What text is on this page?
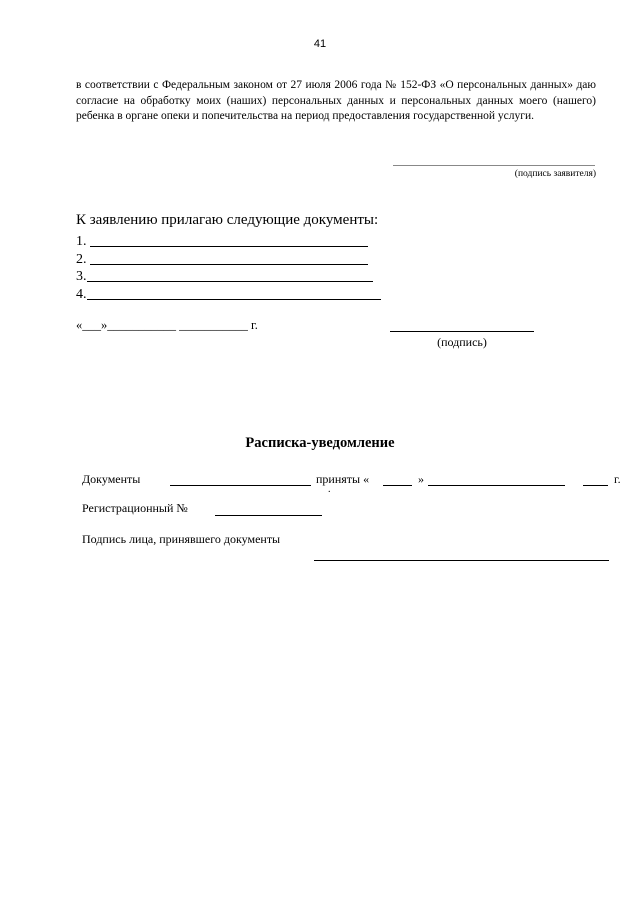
41
в соответствии с Федеральным законом от 27 июля 2006 года № 152-ФЗ «О персональных данных» даю согласие на обработку моих (наших) персональных данных и персональных данных моего (нашего) ребенка в органе опеки и попечительства на период предоставления государственной услуги.
(подпись заявителя)
К заявлению прилагаю следующие документы:
1.
2.
3.
4.
«___»___________ ___________ г.
(подпись)
Расписка-уведомление
Документы	приняты «	»	г.
.
Регистрационный №
Подпись лица, принявшего документы
